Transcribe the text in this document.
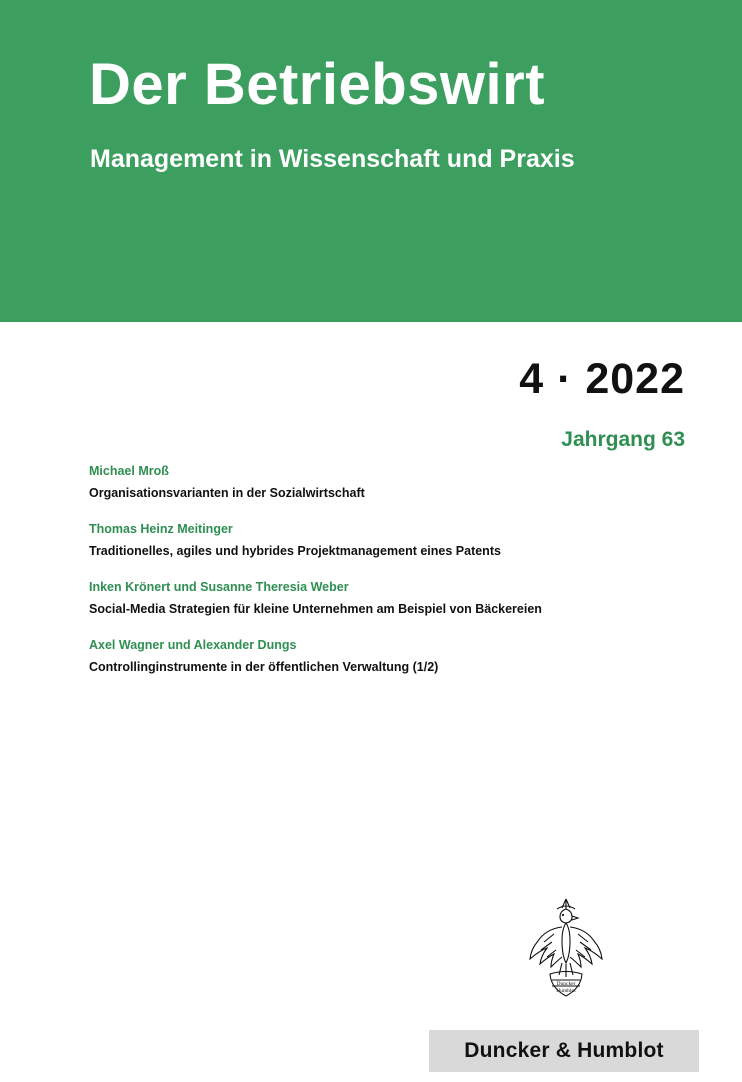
Der Betriebswirt
Management in Wissenschaft und Praxis
4 · 2022
Jahrgang 63
Michael Mroß
Organisationsvarianten in der Sozialwirtschaft
Thomas Heinz Meitinger
Traditionelles, agiles und hybrides Projektmanagement eines Patents
Inken Krönert und Susanne Theresia Weber
Social-Media Strategien für kleine Unternehmen am Beispiel von Bäckereien
Axel Wagner und Alexander Dungs
Controllinginstrumente in der öffentlichen Verwaltung (1/2)
Duncker
Humblot
Duncker & Humblot
